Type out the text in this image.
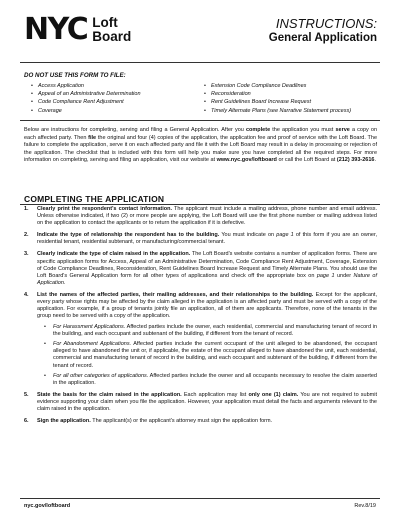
NYC Loft
Board
INSTRUCTIONS:
General Application
DO NOT USE THIS FORM TO FILE:
• Access Application
• Appeal of an Administrative Determination
• Code Compliance Rent Adjustment
• Coverage
• Extension Code Compliance Deadlines
• Reconsideration
• Rent Guidelines Board Increase Request
• Timely Alternate Plans (see Narrative Statement process)

Below are instructions for completing, serving and filing a General Application. After you complete the application you must serve a copy on each affected party. Then file the original and four (4) copies of the application, the application fee and proof of service with the Loft Board. The failure to complete the application, serve it on each affected party and file it with the Loft Board may result in a delay in processing or rejection of the application. The checklist that is included with this form will help you make sure you have completed all the required steps. For more information on completing, serving and filing an application, visit our website at www.nyc.gov/loftboard or call the Loft Board at (212) 393-2616.

COMPLETING THE APPLICATION
1. Clearly print the respondent's contact information. The applicant must include a mailing address, phone number and email address. Unless otherwise indicated, if two (2) or more people are applying, the Loft Board will use the first phone number or mailing address listed on the application to contact the applicants or to return the application if it is defective.
2. Indicate the type of relationship the respondent has to the building. You must indicate on page 1 of this form if you are an owner, residential tenant, residential subtenant, or manufacturing/commercial tenant.
3. Clearly indicate the type of claim raised in the application. The Loft Board's website contains a number of application forms. There are specific application forms for Access, Appeal of an Administrative Determination, Code Compliance Rent Adjustment, Coverage, Extension of Code Compliance Deadlines, Reconsideration, Rent Guidelines Board Increase Request and Timely Alternate Plans. You should use the Loft Board's General Application form for all other types of applications and check off the appropriate box on page 1 under Nature of Application.
4. List the names of the affected parties, their mailing addresses, and their relationships to the building. Except for the applicant, every party whose rights may be affected by the claim alleged in the application is an affected party and must be served with a copy of the application. For example, if a group of tenants jointly file an application, all of them are applicants. Therefore, none of the tenants in the group need to be served with a copy of the application.
• For Harassment Applications. Affected parties include the owner, each residential, commercial and manufacturing tenant of record in the building, and each occupant and subtenant of the building, if different from the tenant of record.
• For Abandonment Applications. Affected parties include the current occupant of the unit alleged to be abandoned, the occupant alleged to have abandoned the unit or, if applicable, the estate of the occupant alleged to have abandoned the unit, each residential, commercial and manufacturing tenant of record in the building, and each occupant and subtenant of the building, if different from the tenant of record.
• For all other categories of applications. Affected parties include the owner and all occupants necessary to resolve the claim asserted in the application.
5. State the basis for the claim raised in the application. Each application may list only one (1) claim. You are not required to submit evidence supporting your claim when you file the application. However, your application must detail the facts and arguments relevant to the claim raised in the application.
6. Sign the application. The applicant(s) or the applicant's attorney must sign the application form.
nyc.gov/loftboard	Rev.8/19
